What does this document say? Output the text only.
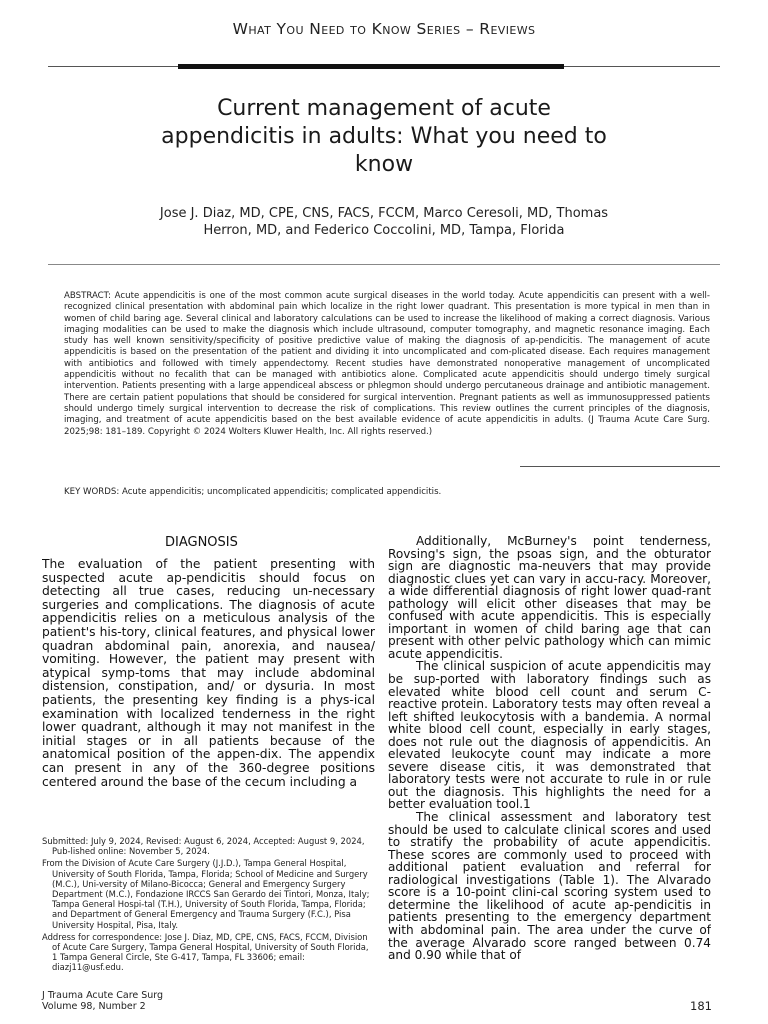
What You Need to Know Series – Reviews
Current management of acute appendicitis in adults: What you need to know
Jose J. Diaz, MD, CPE, CNS, FACS, FCCM, Marco Ceresoli, MD, Thomas Herron, MD, and Federico Coccolini, MD, Tampa, Florida
ABSTRACT: Acute appendicitis is one of the most common acute surgical diseases in the world today. Acute appendicitis can present with a well-recognized clinical presentation with abdominal pain which localize in the right lower quadrant. This presentation is more typical in men than in women of child baring age. Several clinical and laboratory calculations can be used to increase the likelihood of making a correct diagnosis. Various imaging modalities can be used to make the diagnosis which include ultrasound, computer tomography, and magnetic resonance imaging. Each study has well known sensitivity/specificity of positive predictive value of making the diagnosis of ap-pendicitis. The management of acute appendicitis is based on the presentation of the patient and dividing it into uncomplicated and com-plicated disease. Each requires management with antibiotics and followed with timely appendectomy. Recent studies have demonstrated nonoperative management of uncomplicated appendicitis without no fecalith that can be managed with antibiotics alone. Complicated acute appendicitis should undergo timely surgical intervention. Patients presenting with a large appendiceal abscess or phlegmon should undergo percutaneous drainage and antibiotic management. There are certain patient populations that should be considered for surgical intervention. Pregnant patients as well as immunosuppressed patients should undergo timely surgical intervention to decrease the risk of complications. This review outlines the current principles of the diagnosis, imaging, and treatment of acute appendicitis based on the best available evidence of acute appendicitis in adults. (J Trauma Acute Care Surg. 2025;98: 181–189. Copyright © 2024 Wolters Kluwer Health, Inc. All rights reserved.)
KEY WORDS: Acute appendicitis; uncomplicated appendicitis; complicated appendicitis.
DIAGNOSIS

The evaluation of the patient presenting with suspected acute ap-pendicitis should focus on detecting all true cases, reducing un-necessary surgeries and complications. The diagnosis of acute appendicitis relies on a meticulous analysis of the patient's his-tory, clinical features, and physical lower quadran abdominal pain, anorexia, and nausea/ vomiting. However, the patient may present with atypical symp-toms that may include abdominal distension, constipation, and/ or dysuria. In most patients, the presenting key finding is a phys-ical examination with localized tenderness in the right lower quadrant, although it may not manifest in the initial stages or in all patients because of the anatomical position of the appen-dix. The appendix can present in any of the 360-degree positions centered around the base of the cecum including a

Additionally, McBurney's point tenderness, Rovsing's sign, the psoas sign, and the obturator sign are diagnostic ma-neuvers that may provide diagnostic clues yet can vary in accu-racy. Moreover, a wide differential diagnosis of right lower quad-rant pathology will elicit other diseases that may be confused with acute appendicitis. This is especially important in women of child baring age that can present with other pelvic pathology which can mimic acute appendicitis.

The clinical suspicion of acute appendicitis may be sup-ported with laboratory findings such as elevated white blood cell count and serum C-reactive protein. Laboratory tests may often reveal a left shifted leukocytosis with a bandemia. A normal white blood cell count, especially in early stages, does not rule out the diagnosis of appendicitis. An elevated leukocyte count may indicate a more severe disease citis, it was demonstrated that laboratory tests were not accurate to rule in or rule out the diagnosis. This highlights the need for a better evaluation tool.1

The clinical assessment and laboratory test should be used to calculate clinical scores and used to stratify the probability of acute appendicitis. These scores are commonly used to proceed with additional patient evaluation and referral for radiological investigations (Table 1). The Alvarado score is a 10-point clini-cal scoring system used to determine the likelihood of acute ap-pendicitis in patients presenting to the emergency department with abdominal pain. The area under the curve of the average Alvarado score ranged between 0.74 and 0.90 while that of

Submitted: July 9, 2024, Revised: August 6, 2024, Accepted: August 9, 2024, Pub-lished online: November 5, 2024.

From the Division of Acute Care Surgery (J.J.D.), Tampa General Hospital, University of South Florida, Tampa, Florida; School of Medicine and Surgery (M.C.), Uni-versity of Milano-Bicocca; General and Emergency Surgery Department (M.C.), Fondazione IRCCS San Gerardo dei Tintori, Monza, Italy; Tampa General Hospi-tal (T.H.), University of South Florida, Tampa, Florida; and Department of General Emergency and Trauma Surgery (F.C.), Pisa University Hospital, Pisa, Italy.

Address for correspondence: Jose J. Diaz, MD, CPE, CNS, FACS, FCCM, Division of Acute Care Surgery, Tampa General Hospital, University of South Florida, 1 Tampa General Circle, Ste G-417, Tampa, FL 33606; email: diazj11@usf.edu.

J Trauma Acute Care Surg Volume 98, Number 2	181
